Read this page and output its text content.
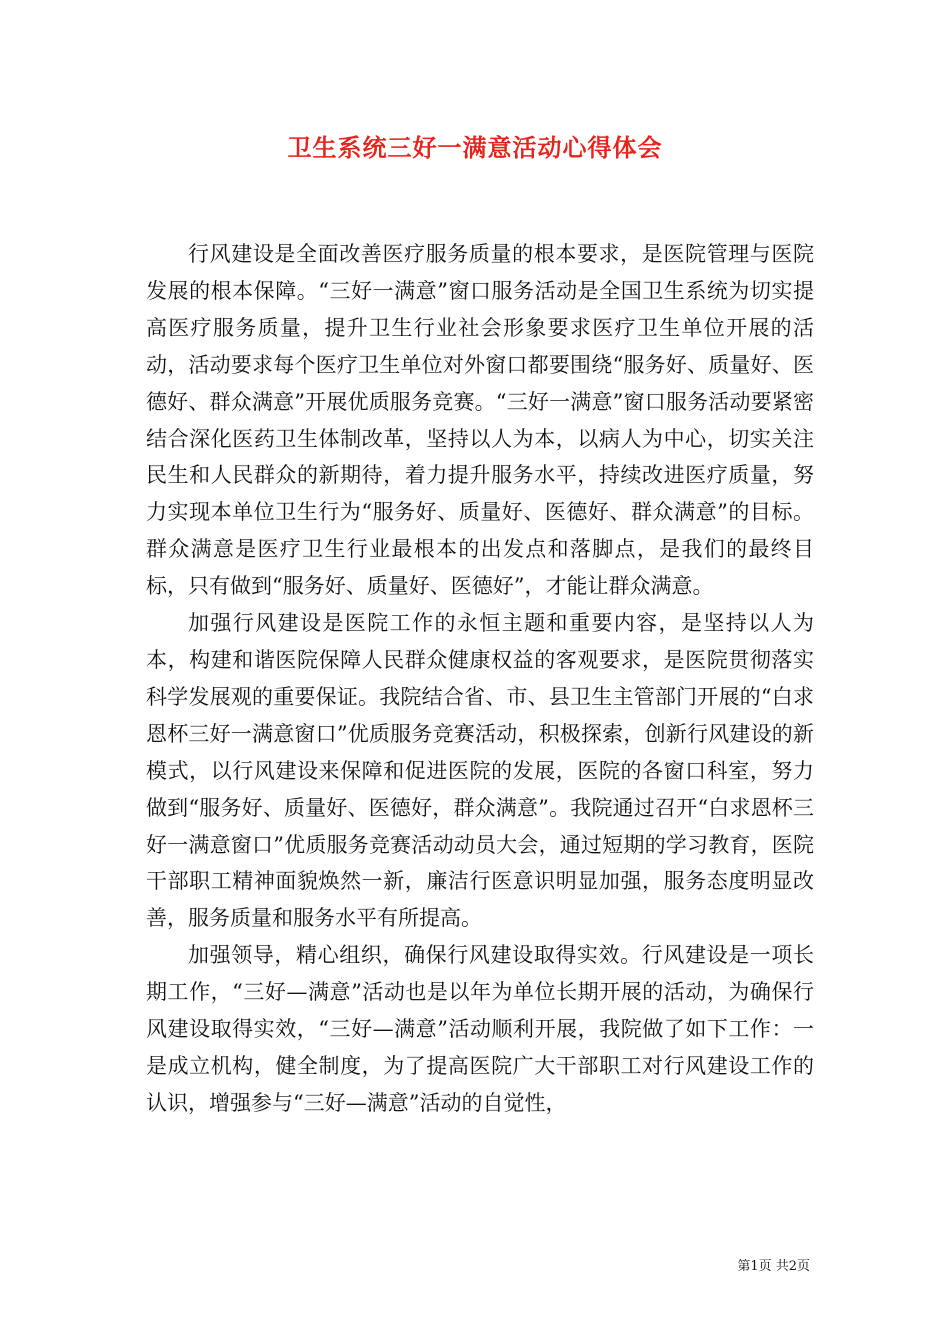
卫生系统三好一满意活动心得体会

行风建设是全面改善医疗服务质量的根本要求，是医院管理与医院发展的根本保障。“三好一满意”窗口服务活动是全国卫生系统为切实提高医疗服务质量，提升卫生行业社会形象要求医疗卫生单位开展的活动，活动要求每个医疗卫生单位对外窗口都要围绕“服务好、质量好、医德好、群众满意”开展优质服务竞赛。“三好一满意”窗口服务活动要紧密结合深化医药卫生体制改革，坚持以人为本，以病人为中心，切实关注民生和人民群众的新期待，着力提升服务水平，持续改进医疗质量，努力实现本单位卫生行为“服务好、质量好、医德好、群众满意”的目标。群众满意是医疗卫生行业最根本的出发点和落脚点，是我们的最终目标，只有做到“服务好、质量好、医德好”，才能让群众满意。

加强行风建设是医院工作的永恒主题和重要内容，是坚持以人为本，构建和谐医院保障人民群众健康权益的客观要求，是医院贯彻落实科学发展观的重要保证。我院结合省、市、县卫生主管部门开展的“白求恩杯三好一满意窗口”优质服务竞赛活动，积极探索，创新行风建设的新模式，以行风建设来保障和促进医院的发展，医院的各窗口科室，努力做到“服务好、质量好、医德好，群众满意”。我院通过召开“白求恩杯三好一满意窗口”优质服务竞赛活动动员大会，通过短期的学习教育，医院干部职工精神面貌焕然一新，廉洁行医意识明显加强，服务态度明显改善，服务质量和服务水平有所提高。

加强领导，精心组织，确保行风建设取得实效。行风建设是一项长期工作，“三好—满意”活动也是以年为单位长期开展的活动，为确保行风建设取得实效，“三好—满意”活动顺利开展，我院做了如下工作：一是成立机构，健全制度，为了提高医院广大干部职工对行风建设工作的认识，增强参与“三好—满意”活动的自觉性，

第1页 共2页
